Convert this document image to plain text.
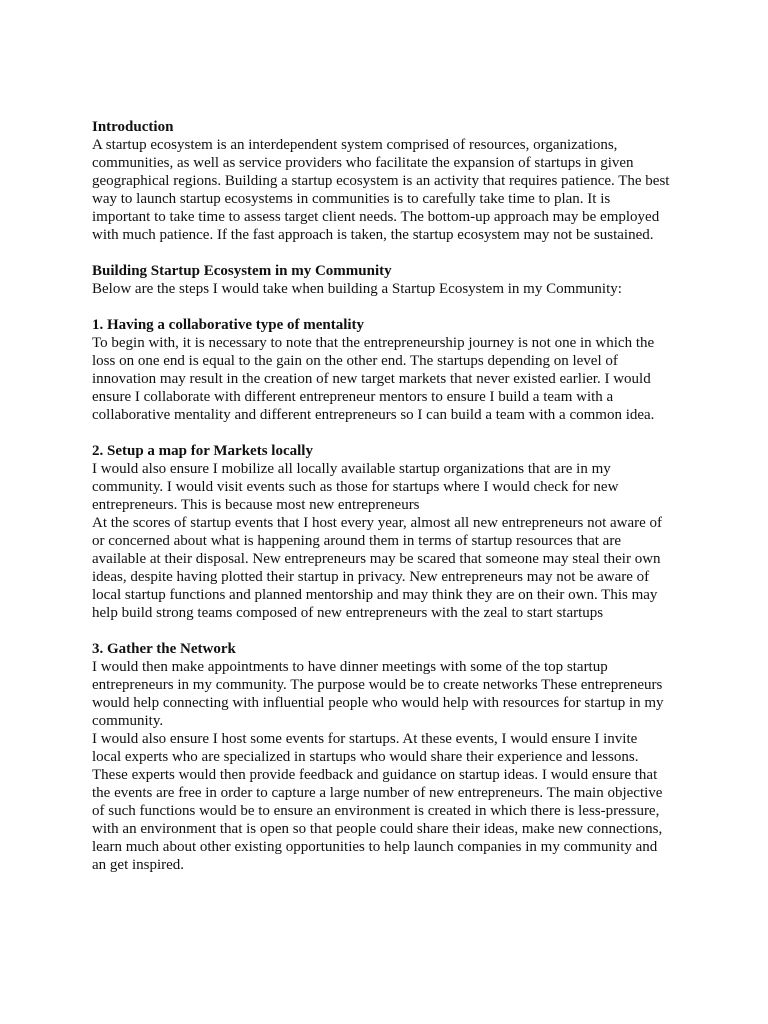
Introduction

A startup ecosystem is an interdependent system comprised of resources, organizations, communities, as well as service providers who facilitate the expansion of startups in given geographical regions. Building a startup ecosystem is an activity that requires patience. The best way to launch startup ecosystems in communities is to carefully take time to plan. It is important to take time to assess target client needs. The bottom-up approach may be employed with much patience. If the fast approach is taken, the startup ecosystem may not be sustained.

Building Startup Ecosystem in my Community

Below are the steps I would take when building a Startup Ecosystem in my Community:

1. Having a collaborative type of mentality

To begin with, it is necessary to note that the entrepreneurship journey is not one in which the loss on one end is equal to the gain on the other end. The startups depending on level of innovation may result in the creation of new target markets that never existed earlier. I would ensure I collaborate with different entrepreneur mentors to ensure I build a team with a collaborative mentality and different entrepreneurs so I can build a team with a common idea.

2. Setup a map for Markets locally

I would also ensure I mobilize all locally available startup organizations that are in my community. I would visit events such as those for startups where I would check for new entrepreneurs. This is because most new entrepreneurs

At the scores of startup events that I host every year, almost all new entrepreneurs not aware of or concerned about what is happening around them in terms of startup resources that are available at their disposal. New entrepreneurs may be scared that someone may steal their own ideas, despite having plotted their startup in privacy. New entrepreneurs may not be aware of local startup functions and planned mentorship and may think they are on their own. This may help build strong teams composed of new entrepreneurs with the zeal to start startups

3. Gather the Network

I would then make appointments to have dinner meetings with some of the top startup entrepreneurs in my community. The purpose would be to create networks These entrepreneurs would help connecting with influential people who would help with resources for startup in my community.

I would also ensure I host some events for startups. At these events, I would ensure I invite local experts who are specialized in startups who would share their experience and lessons. These experts would then provide feedback and guidance on startup ideas. I would ensure that the events are free in order to capture a large number of new entrepreneurs. The main objective of such functions would be to ensure an environment is created in which there is less-pressure, with an environment that is open so that people could share their ideas, make new connections, learn much about other existing opportunities to help launch companies in my community and an get inspired.
